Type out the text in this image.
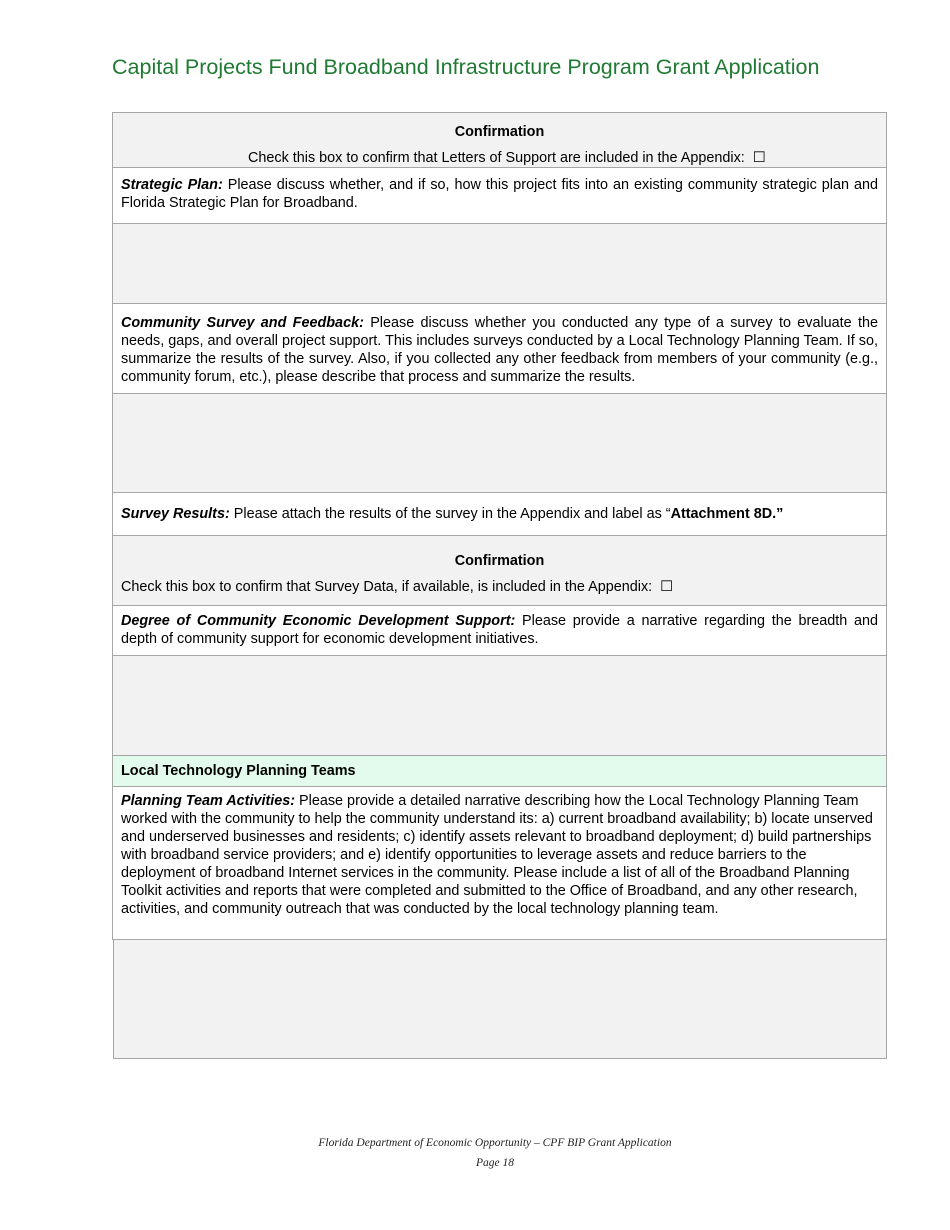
Capital Projects Fund Broadband Infrastructure Program Grant Application
Confirmation
Check this box to confirm that Letters of Support are included in the Appendix: ☐
Strategic Plan: Please discuss whether, and if so, how this project fits into an existing community strategic plan and Florida Strategic Plan for Broadband.
Community Survey and Feedback: Please discuss whether you conducted any type of a survey to evaluate the needs, gaps, and overall project support. This includes surveys conducted by a Local Technology Planning Team. If so, summarize the results of the survey. Also, if you collected any other feedback from members of your community (e.g., community forum, etc.), please describe that process and summarize the results.
Survey Results: Please attach the results of the survey in the Appendix and label as “Attachment 8D.”
Confirmation
Check this box to confirm that Survey Data, if available, is included in the Appendix: ☐
Degree of Community Economic Development Support: Please provide a narrative regarding the breadth and depth of community support for economic development initiatives.
Local Technology Planning Teams
Planning Team Activities: Please provide a detailed narrative describing how the Local Technology Planning Team worked with the community to help the community understand its: a) current broadband availability; b) locate unserved and underserved businesses and residents; c) identify assets relevant to broadband deployment; d) build partnerships with broadband service providers; and e) identify opportunities to leverage assets and reduce barriers to the deployment of broadband Internet services in the community. Please include a list of all of the Broadband Planning Toolkit activities and reports that were completed and submitted to the Office of Broadband, and any other research, activities, and community outreach that was conducted by the local technology planning team.
Florida Department of Economic Opportunity – CPF BIP Grant Application
Page 18
